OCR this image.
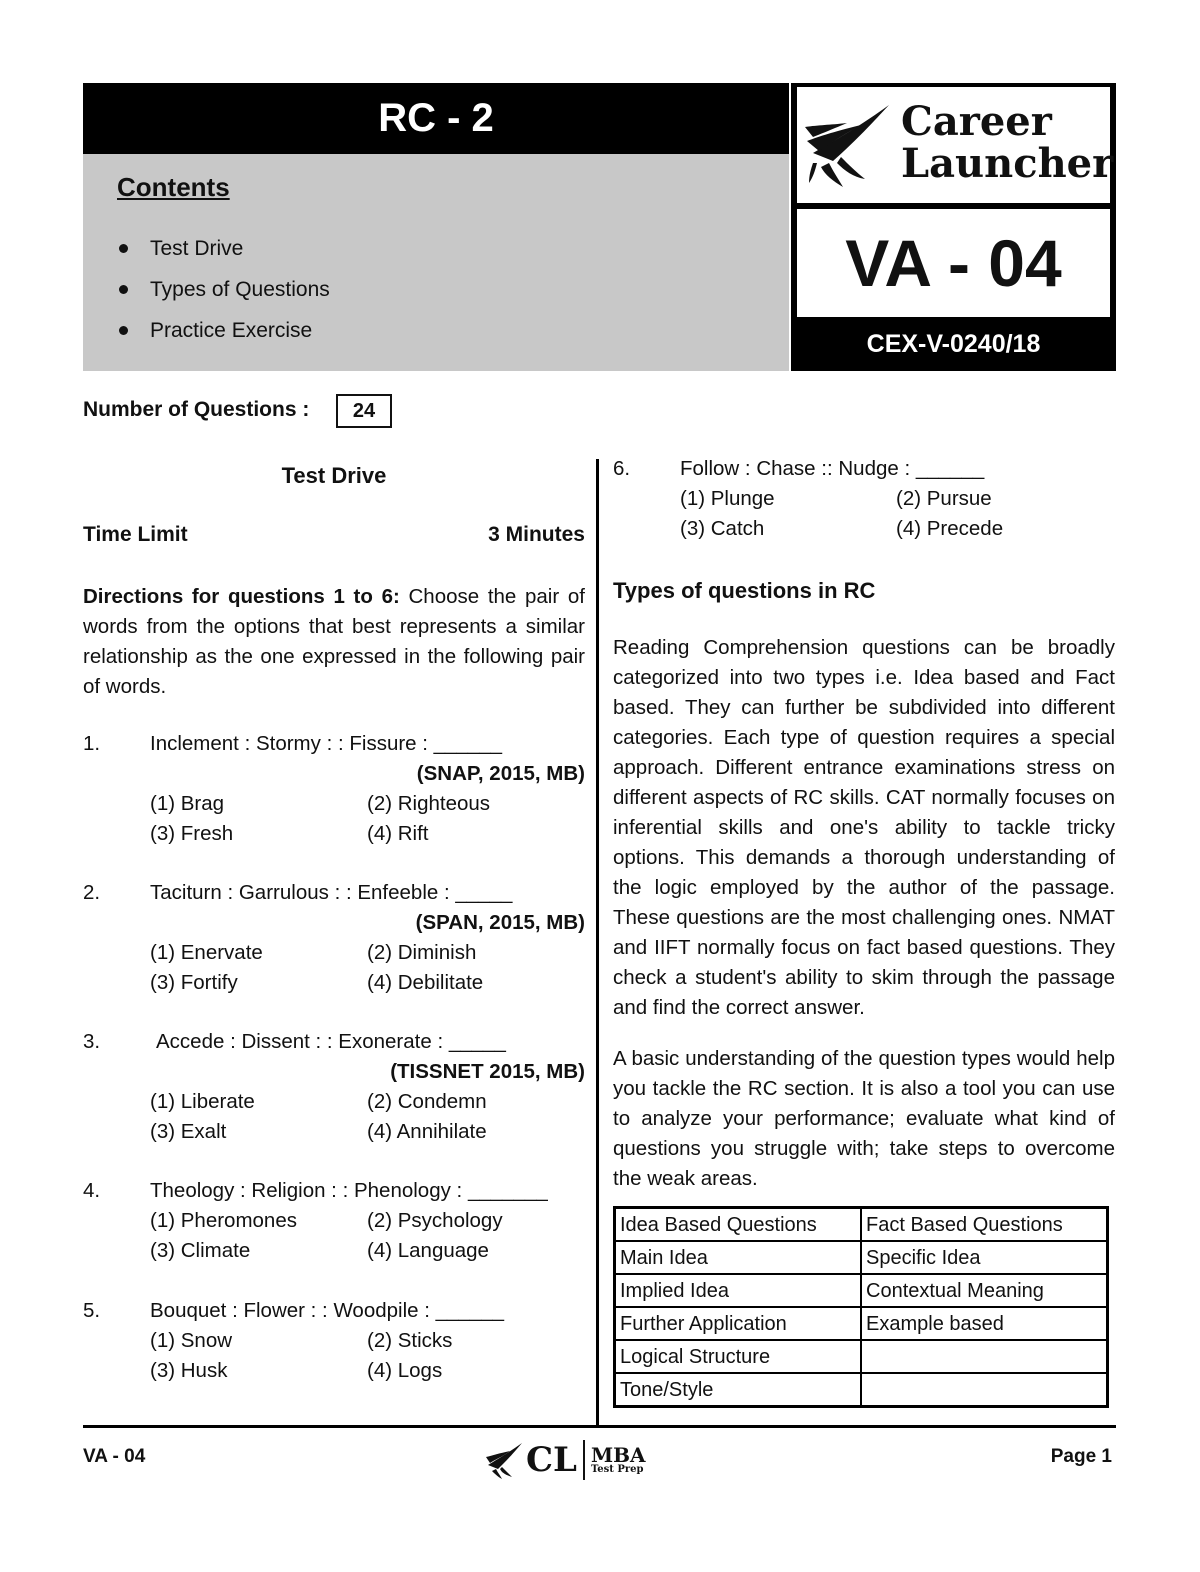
RC - 2
Contents
Test Drive
Types of Questions
Practice Exercise
Career
Launcher
VA - 04
CEX-V-0240/18
Number of Questions :	24
Test Drive
Time Limit	3 Minutes
Directions for questions 1 to 6: Choose the pair of words from the options that best represents a similar relationship as the one expressed in the following pair of words.
1. Inclement : Stormy : : Fissure : ______
(SNAP, 2015, MB)
(1) Brag	(2) Righteous
(3) Fresh	(4) Rift
2. Taciturn : Garrulous : : Enfeeble : _____
(SPAN, 2015, MB)
(1) Enervate	(2) Diminish
(3) Fortify	(4) Debilitate
3.	Accede : Dissent : : Exonerate : _____
(TISSNET 2015, MB)
(1) Liberate	(2) Condemn
(3) Exalt	(4) Annihilate
4. Theology : Religion : : Phenology : _______
(1) Pheromones	(2) Psychology
(3) Climate	(4) Language
5. Bouquet : Flower : : Woodpile : ______
(1) Snow	(2) Sticks
(3) Husk	(4) Logs
6. Follow : Chase :: Nudge : ______
(1) Plunge	(2) Pursue
(3) Catch	(4) Precede
Types of questions in RC
Reading Comprehension questions can be broadly categorized into two types i.e. Idea based and Fact based. They can further be subdivided into different categories. Each type of question requires a special approach. Different entrance examinations stress on different aspects of RC skills. CAT normally focuses on inferential skills and one's ability to tackle tricky options. This demands a thorough understanding of the logic employed by the author of the passage. These questions are the most challenging ones. NMAT and IIFT normally focus on fact based questions. They check a student's ability to skim through the passage and find the correct answer.
A basic understanding of the question types would help you tackle the RC section. It is also a tool you can use to analyze your performance; evaluate what kind of questions you struggle with; take steps to overcome the weak areas.
Idea Based Questions	Fact Based Questions
Main Idea	Specific Idea
Implied Idea	Contextual Meaning
Further Application	Example based
Logical Structure	
Tone/Style	
VA - 04	CL MBA
Test Prep
Page 1
